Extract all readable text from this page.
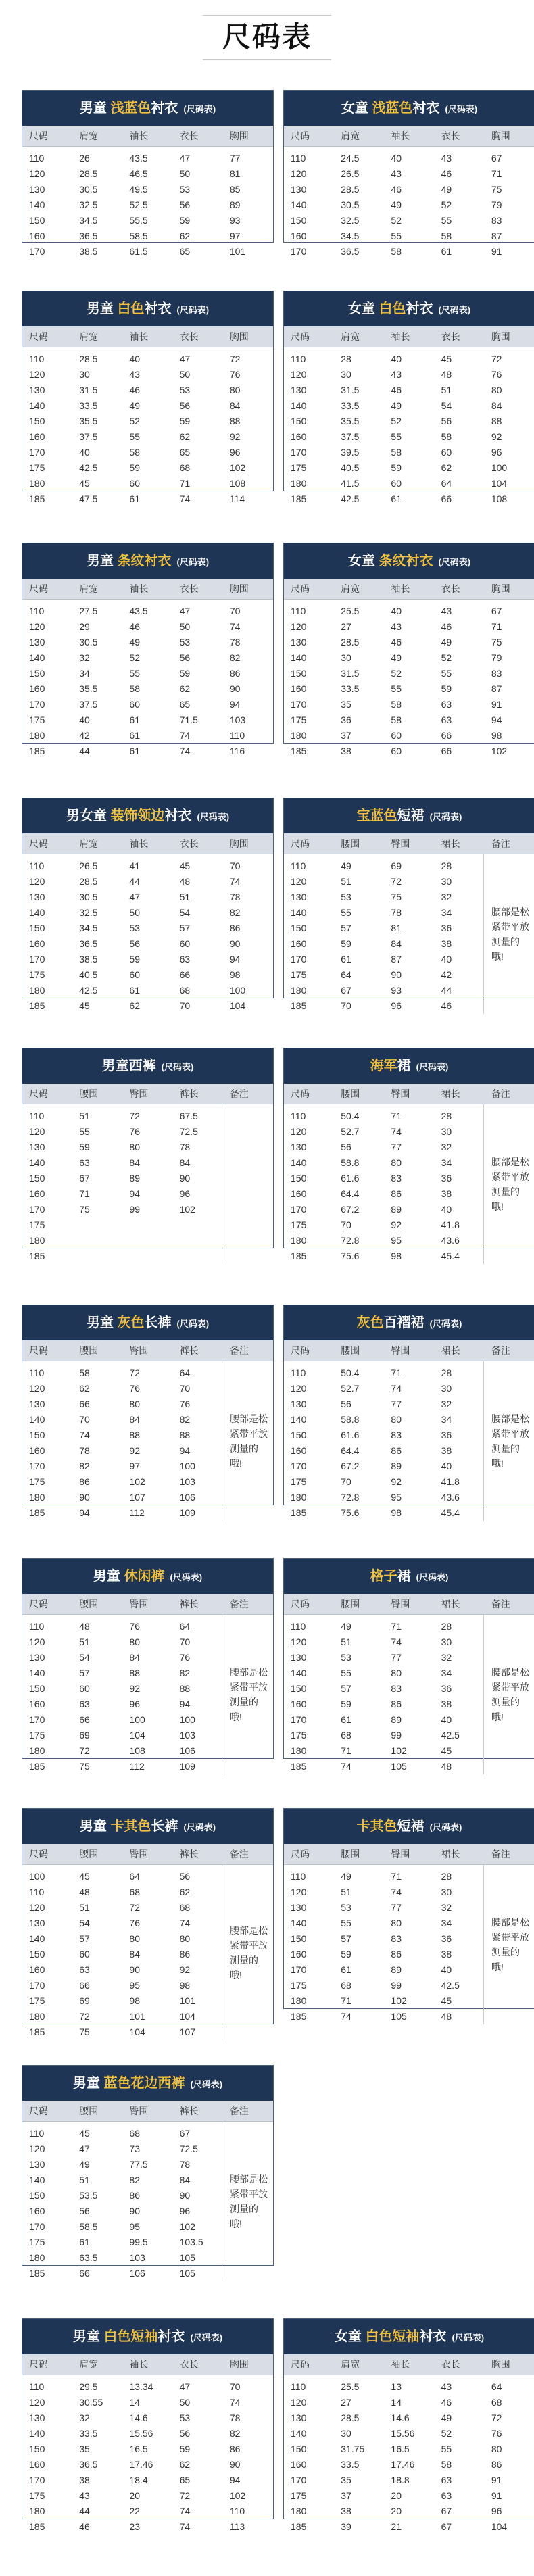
尺码表
男童 浅蓝色衬衣 (尺码表)
尺码	肩宽	袖长	衣长	胸围
110	26	43.5	47	77
120	28.5	46.5	50	81
130	30.5	49.5	53	85
140	32.5	52.5	56	89
150	34.5	55.5	59	93
160	36.5	58.5	62	97
170	38.5	61.5	65	101
女童 浅蓝色衬衣 (尺码表)
尺码	肩宽	袖长	衣长	胸围
110	24.5	40	43	67
120	26.5	43	46	71
130	28.5	46	49	75
140	30.5	49	52	79
150	32.5	52	55	83
160	34.5	55	58	87
170	36.5	58	61	91
男童 白色衬衣 (尺码表)
尺码	肩宽	袖长	衣长	胸围
110	28.5	40	47	72
120	30	43	50	76
130	31.5	46	53	80
140	33.5	49	56	84
150	35.5	52	59	88
160	37.5	55	62	92
170	40	58	65	96
175	42.5	59	68	102
180	45	60	71	108
185	47.5	61	74	114
女童 白色衬衣 (尺码表)
尺码	肩宽	袖长	衣长	胸围
110	28	40	45	72
120	30	43	48	76
130	31.5	46	51	80
140	33.5	49	54	84
150	35.5	52	56	88
160	37.5	55	58	92
170	39.5	58	60	96
175	40.5	59	62	100
180	41.5	60	64	104
185	42.5	61	66	108
男童 条纹衬衣 (尺码表)
尺码	肩宽	袖长	衣长	胸围
110	27.5	43.5	47	70
120	29	46	50	74
130	30.5	49	53	78
140	32	52	56	82
150	34	55	59	86
160	35.5	58	62	90
170	37.5	60	65	94
175	40	61	71.5	103
180	42	61	74	110
185	44	61	74	116
女童 条纹衬衣 (尺码表)
尺码	肩宽	袖长	衣长	胸围
110	25.5	40	43	67
120	27	43	46	71
130	28.5	46	49	75
140	30	49	52	79
150	31.5	52	55	83
160	33.5	55	59	87
170	35	58	63	91
175	36	58	63	94
180	37	60	66	98
185	38	60	66	102
男女童 装饰领边衬衣 (尺码表)
尺码	肩宽	袖长	衣长	胸围
110	26.5	41	45	70
120	28.5	44	48	74
130	30.5	47	51	78
140	32.5	50	54	82
150	34.5	53	57	86
160	36.5	56	60	90
170	38.5	59	63	94
175	40.5	60	66	98
180	42.5	61	68	100
185	45	62	70	104
宝蓝色短裙 (尺码表)
尺码	腰围	臀围	裙长	备注
110	49	69	28
120	51	72	30
130	53	75	32
140	55	78	34
150	57	81	36
160	59	84	38
170	61	87	40
175	64	90	42
180	67	93	44
185	70	96	46
腰部是松紧带平放测量的哦!
男童西裤 (尺码表)
尺码	腰围	臀围	裤长	备注
110	51	72	67.5
120	55	76	72.5
130	59	80	78
140	63	84	84
150	67	89	90
160	71	94	96
170	75	99	102
175
180
185
海军裙 (尺码表)
尺码	腰围	臀围	裙长	备注
110	50.4	71	28
120	52.7	74	30
130	56	77	32
140	58.8	80	34
150	61.6	83	36
160	64.4	86	38
170	67.2	89	40
175	70	92	41.8
180	72.8	95	43.6
185	75.6	98	45.4
腰部是松紧带平放测量的哦!
男童 灰色长裤 (尺码表)
尺码	腰围	臀围	裤长	备注
110	58	72	64
120	62	76	70
130	66	80	76
140	70	84	82
150	74	88	88
160	78	92	94
170	82	97	100
175	86	102	103
180	90	107	106
185	94	112	109
腰部是松紧带平放测量的哦!
灰色百褶裙 (尺码表)
尺码	腰围	臀围	裙长	备注
110	50.4	71	28
120	52.7	74	30
130	56	77	32
140	58.8	80	34
150	61.6	83	36
160	64.4	86	38
170	67.2	89	40
175	70	92	41.8
180	72.8	95	43.6
185	75.6	98	45.4
腰部是松紧带平放测量的哦!
男童 休闲裤 (尺码表)
尺码	腰围	臀围	裤长	备注
110	48	76	64
120	51	80	70
130	54	84	76
140	57	88	82
150	60	92	88
160	63	96	94
170	66	100	100
175	69	104	103
180	72	108	106
185	75	112	109
腰部是松紧带平放测量的哦!
格子裙 (尺码表)
尺码	腰围	臀围	裙长	备注
110	49	71	28
120	51	74	30
130	53	77	32
140	55	80	34
150	57	83	36
160	59	86	38
170	61	89	40
175	68	99	42.5
180	71	102	45
185	74	105	48
腰部是松紧带平放测量的哦!
男童 卡其色长裤 (尺码表)
尺码	腰围	臀围	裤长	备注
100	45	64	56
110	48	68	62
120	51	72	68
130	54	76	74
140	57	80	80
150	60	84	86
160	63	90	92
170	66	95	98
175	69	98	101
180	72	101	104
185	75	104	107
腰部是松紧带平放测量的哦!
卡其色短裙 (尺码表)
尺码	腰围	臀围	裙长	备注
110	49	71	28
120	51	74	30
130	53	77	32
140	55	80	34
150	57	83	36
160	59	86	38
170	61	89	40
175	68	99	42.5
180	71	102	45
185	74	105	48
腰部是松紧带平放测量的哦!
男童 蓝色花边西裤 (尺码表)
尺码	腰围	臀围	裤长	备注
110	45	68	67
120	47	73	72.5
130	49	77.5	78
140	51	82	84
150	53.5	86	90
160	56	90	96
170	58.5	95	102
175	61	99.5	103.5
180	63.5	103	105
185	66	106	105
腰部是松紧带平放测量的哦!
男童 白色短袖衬衣 (尺码表)
尺码	肩宽	袖长	衣长	胸围
110	29.5	13.34	47	70
120	30.55	14	50	74
130	32	14.6	53	78
140	33.5	15.56	56	82
150	35	16.5	59	86
160	36.5	17.46	62	90
170	38	18.4	65	94
175	43	20	72	102
180	44	22	74	110
185	46	23	74	113
女童 白色短袖衬衣 (尺码表)
尺码	肩宽	袖长	衣长	胸围
110	25.5	13	43	64
120	27	14	46	68
130	28.5	14.6	49	72
140	30	15.56	52	76
150	31.75	16.5	55	80
160	33.5	17.46	58	86
170	35	18.8	63	91
175	37	20	63	91
180	38	20	67	96
185	39	21	67	104
